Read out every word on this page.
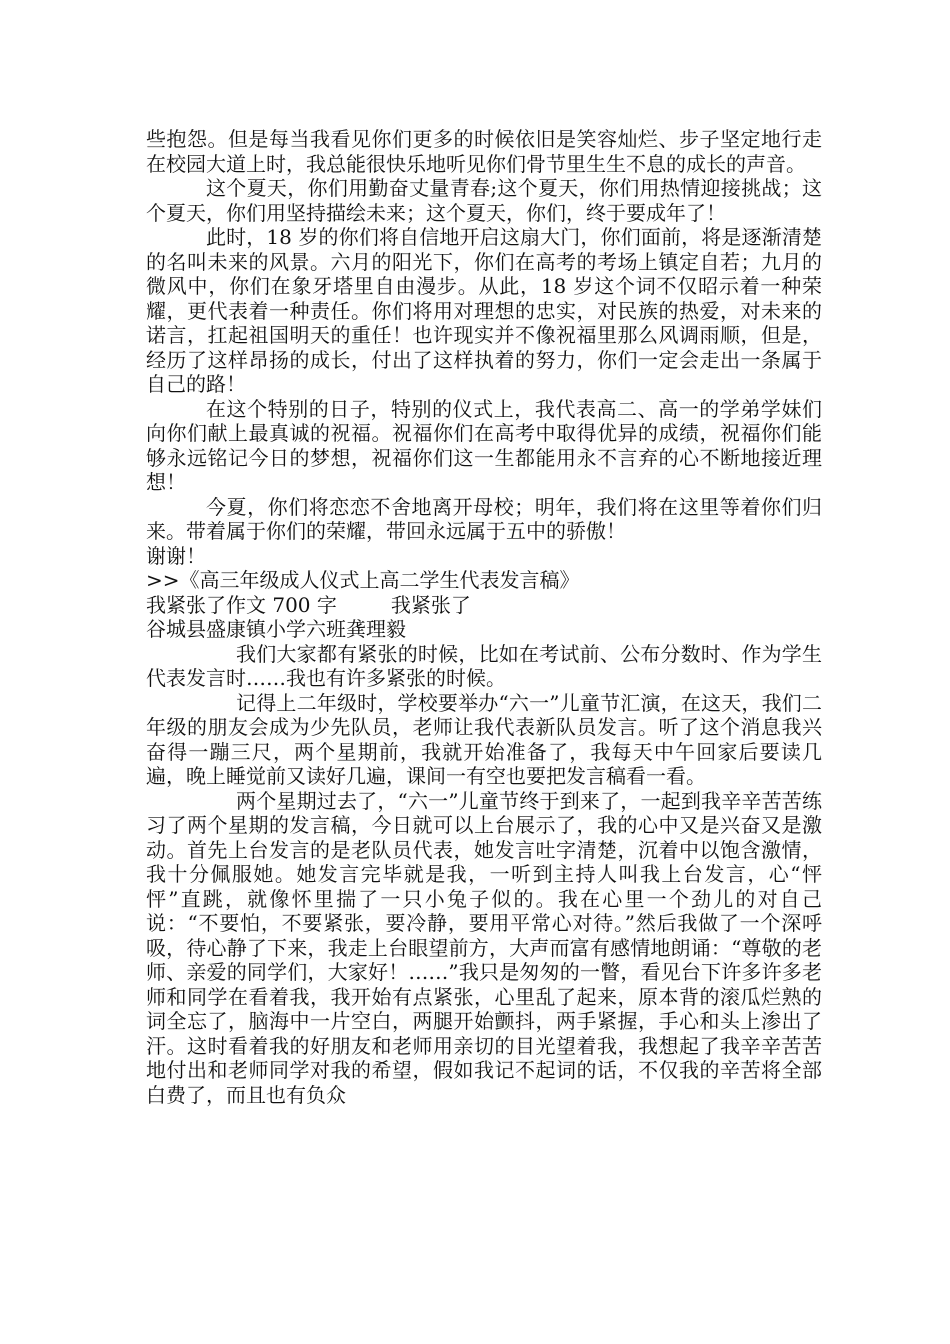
些抱怨。但是每当我看见你们更多的时候依旧是笑容灿烂、步子坚定地行走在校园大道上时，我总能很快乐地听见你们骨节里生生不息的成长的声音。

这个夏天，你们用勤奋丈量青春;这个夏天，你们用热情迎接挑战；这个夏天，你们用坚持描绘未来；这个夏天，你们，终于要成年了！

此时，18 岁的你们将自信地开启这扇大门，你们面前，将是逐渐清楚的名叫未来的风景。六月的阳光下，你们在高考的考场上镇定自若；九月的微风中，你们在象牙塔里自由漫步。从此，18 岁这个词不仅昭示着一种荣耀，更代表着一种责任。你们将用对理想的忠实，对民族的热爱，对未来的诺言，扛起祖国明天的重任！也许现实并不像祝福里那么风调雨顺，但是，经历了这样昂扬的成长，付出了这样执着的努力，你们一定会走出一条属于自己的路！

在这个特别的日子，特别的仪式上，我代表高二、高一的学弟学妹们向你们献上最真诚的祝福。祝福你们在高考中取得优异的成绩，祝福你们能够永远铭记今日的梦想，祝福你们这一生都能用永不言弃的心不断地接近理想！

今夏，你们将恋恋不舍地离开母校；明年，我们将在这里等着你们归来。带着属于你们的荣耀，带回永远属于五中的骄傲！

谢谢！

>>《高三年级成人仪式上高二学生代表发言稿》

我紧张了作文 700 字	我紧张了

谷城县盛康镇小学六班龚理毅

我们大家都有紧张的时候，比如在考试前、公布分数时、作为学生代表发言时……我也有许多紧张的时候。

记得上二年级时，学校要举办“六一”儿童节汇演，在这天，我们二年级的朋友会成为少先队员，老师让我代表新队员发言。听了这个消息我兴奋得一蹦三尺，两个星期前，我就开始准备了，我每天中午回家后要读几遍，晚上睡觉前又读好几遍，课间一有空也要把发言稿看一看。

两个星期过去了，“六一”儿童节终于到来了，一起到我辛辛苦苦练习了两个星期的发言稿，今日就可以上台展示了，我的心中又是兴奋又是激动。首先上台发言的是老队员代表，她发言吐字清楚，沉着中以饱含激情，我十分佩服她。她发言完毕就是我，一听到主持人叫我上台发言，心“怦怦”直跳，就像怀里揣了一只小兔子似的。我在心里一个劲儿的对自己说：“不要怕，不要紧张，要冷静，要用平常心对待。”然后我做了一个深呼吸，待心静了下来，我走上台眼望前方，大声而富有感情地朗诵：“尊敬的老师、亲爱的同学们，大家好！……”我只是匆匆的一瞥，看见台下许多许多老师和同学在看着我，我开始有点紧张，心里乱了起来，原本背的滚瓜烂熟的词全忘了，脑海中一片空白，两腿开始颤抖，两手紧握，手心和头上渗出了汗。这时看着我的好朋友和老师用亲切的目光望着我，我想起了我辛辛苦苦地付出和老师同学对我的希望，假如我记不起词的话，不仅我的辛苦将全部白费了，而且也有负众
